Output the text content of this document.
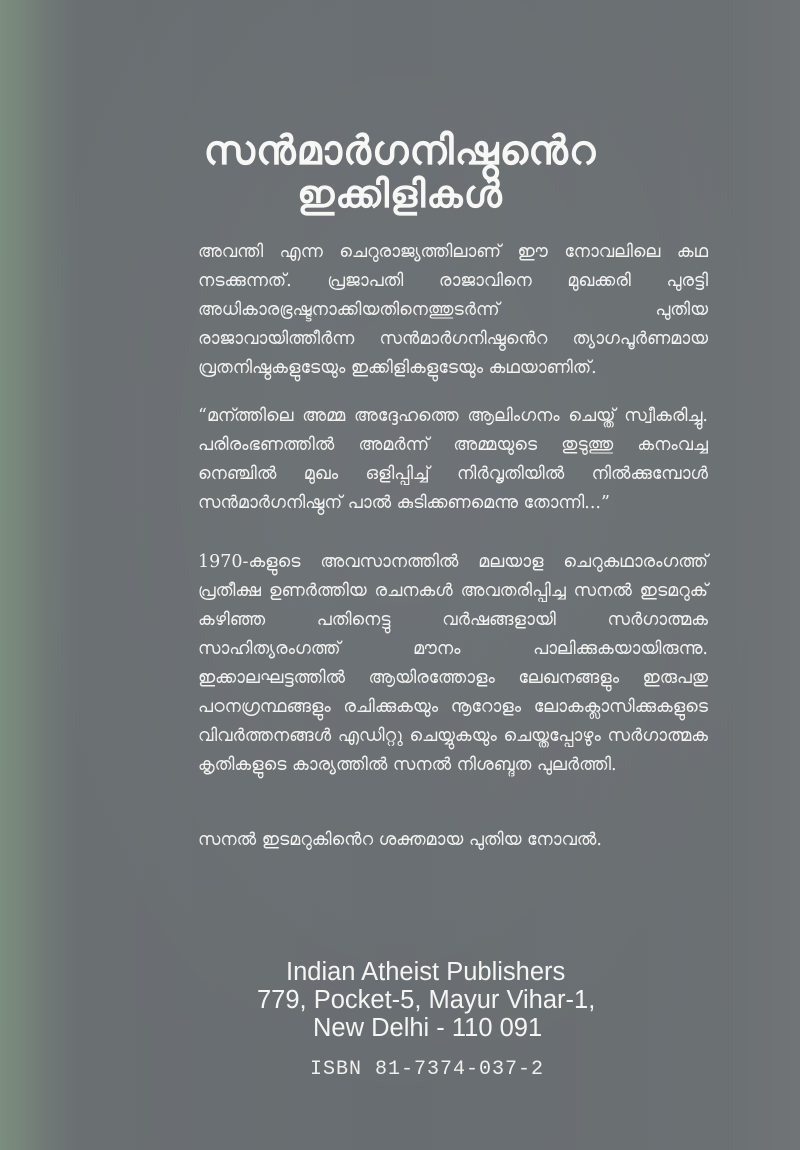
സൻമാർഗനിഷ്ഠൻെറ
ഇക്കിളികൾ

അവന്തി എന്ന ചെറുരാജ്യത്തിലാണ് ഈ നോവലിലെ കഥ നടക്കുന്നത്. പ്രജാപതി രാജാവിനെ മുഖക്കരി പുരട്ടി അധികാരഭ്രഷ്ടനാക്കിയതിനെത്തുടർന്ന് പുതിയ രാജാവായിത്തീർന്ന സൻമാർഗനിഷ്ഠൻെറ ത്യാഗപൂർണമായ വ്രതനിഷ്ഠകളുടേയും ഇക്കിളികളുടേയും കഥയാണിത്.

“മന്ത്തിലെ അമ്മ അദ്ദേഹത്തെ ആലിംഗനം ചെയ്ത് സ്വീകരിച്ചു. പരിരംഭണത്തിൽ അമർന്ന് അമ്മയുടെ തുടുത്തു കനംവച്ച നെഞ്ചിൽ മുഖം ഒളിപ്പിച്ച് നിർവൃതിയിൽ നിൽക്കുമ്പോൾ സൻമാർഗനിഷ്ഠന് പാൽ കുടിക്കണമെന്നു തോന്നി...”

1970-കളുടെ അവസാനത്തിൽ മലയാള ചെറുകഥാരംഗത്ത് പ്രതീക്ഷ ഉണർത്തിയ രചനകൾ അവതരിപ്പിച്ച സനൽ ഇടമറുക് കഴിഞ്ഞ പതിനെട്ടു വർഷങ്ങളായി സർഗാത്മക സാഹിത്യരംഗത്ത് മൗനം പാലിക്കുകയായിരുന്നു. ഇക്കാലഘട്ടത്തിൽ ആയിരത്തോളം ലേഖനങ്ങളും ഇരുപതു പഠനഗ്രന്ഥങ്ങളും രചിക്കുകയും നൂറോളം ലോകക്ലാസിക്കുകളുടെ വിവർത്തനങ്ങൾ എഡിറ്റു ചെയ്യുകയും ചെയ്തപ്പോഴും സർഗാത്മക കൃതികളുടെ കാര്യത്തിൽ സനൽ നിശബ്ദത പുലർത്തി.

സനൽ ഇടമറുകിൻെറ ശക്തമായ പുതിയ നോവൽ.

Indian Atheist Publishers
779, Pocket-5, Mayur Vihar-1,
New Delhi - 110 091
ISBN 81-7374-037-2
